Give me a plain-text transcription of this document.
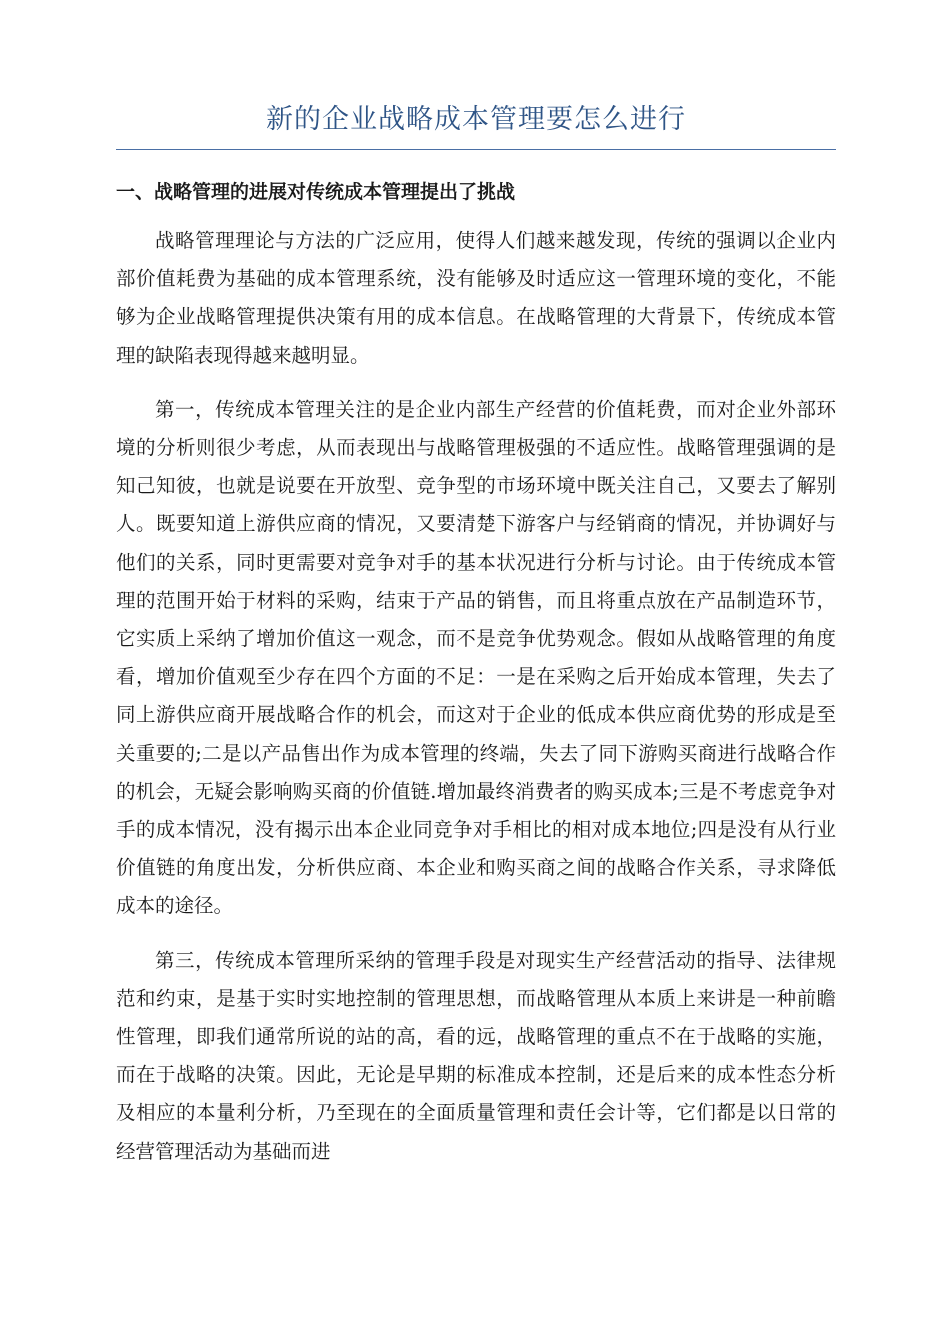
新的企业战略成本管理要怎么进行
一、战略管理的进展对传统成本管理提出了挑战

战略管理理论与方法的广泛应用，使得人们越来越发现，传统的强调以企业内部价值耗费为基础的成本管理系统，没有能够及时适应这一管理环境的变化，不能够为企业战略管理提供决策有用的成本信息。在战略管理的大背景下，传统成本管理的缺陷表现得越来越明显。

第一，传统成本管理关注的是企业内部生产经营的价值耗费，而对企业外部环境的分析则很少考虑，从而表现出与战略管理极强的不适应性。战略管理强调的是知己知彼，也就是说要在开放型、竞争型的市场环境中既关注自己，又要去了解别人。既要知道上游供应商的情况，又要清楚下游客户与经销商的情况，并协调好与他们的关系，同时更需要对竞争对手的基本状况进行分析与讨论。由于传统成本管理的范围开始于材料的采购，结束于产品的销售，而且将重点放在产品制造环节，它实质上采纳了增加价值这一观念，而不是竞争优势观念。假如从战略管理的角度看，增加价值观至少存在四个方面的不足：一是在采购之后开始成本管理，失去了同上游供应商开展战略合作的机会，而这对于企业的低成本供应商优势的形成是至关重要的;二是以产品售出作为成本管理的终端，失去了同下游购买商进行战略合作的机会，无疑会影响购买商的价值链.增加最终消费者的购买成本;三是不考虑竞争对手的成本情况，没有揭示出本企业同竞争对手相比的相对成本地位;四是没有从行业价值链的角度出发，分析供应商、本企业和购买商之间的战略合作关系，寻求降低成本的途径。

第三，传统成本管理所采纳的管理手段是对现实生产经营活动的指导、法律规范和约束，是基于实时实地控制的管理思想，而战略管理从本质上来讲是一种前瞻性管理，即我们通常所说的站的高，看的远，战略管理的重点不在于战略的实施，而在于战略的决策。因此，无论是早期的标准成本控制，还是后来的成本性态分析及相应的本量利分析，乃至现在的全面质量管理和责任会计等，它们都是以日常的经营管理活动为基础而进
